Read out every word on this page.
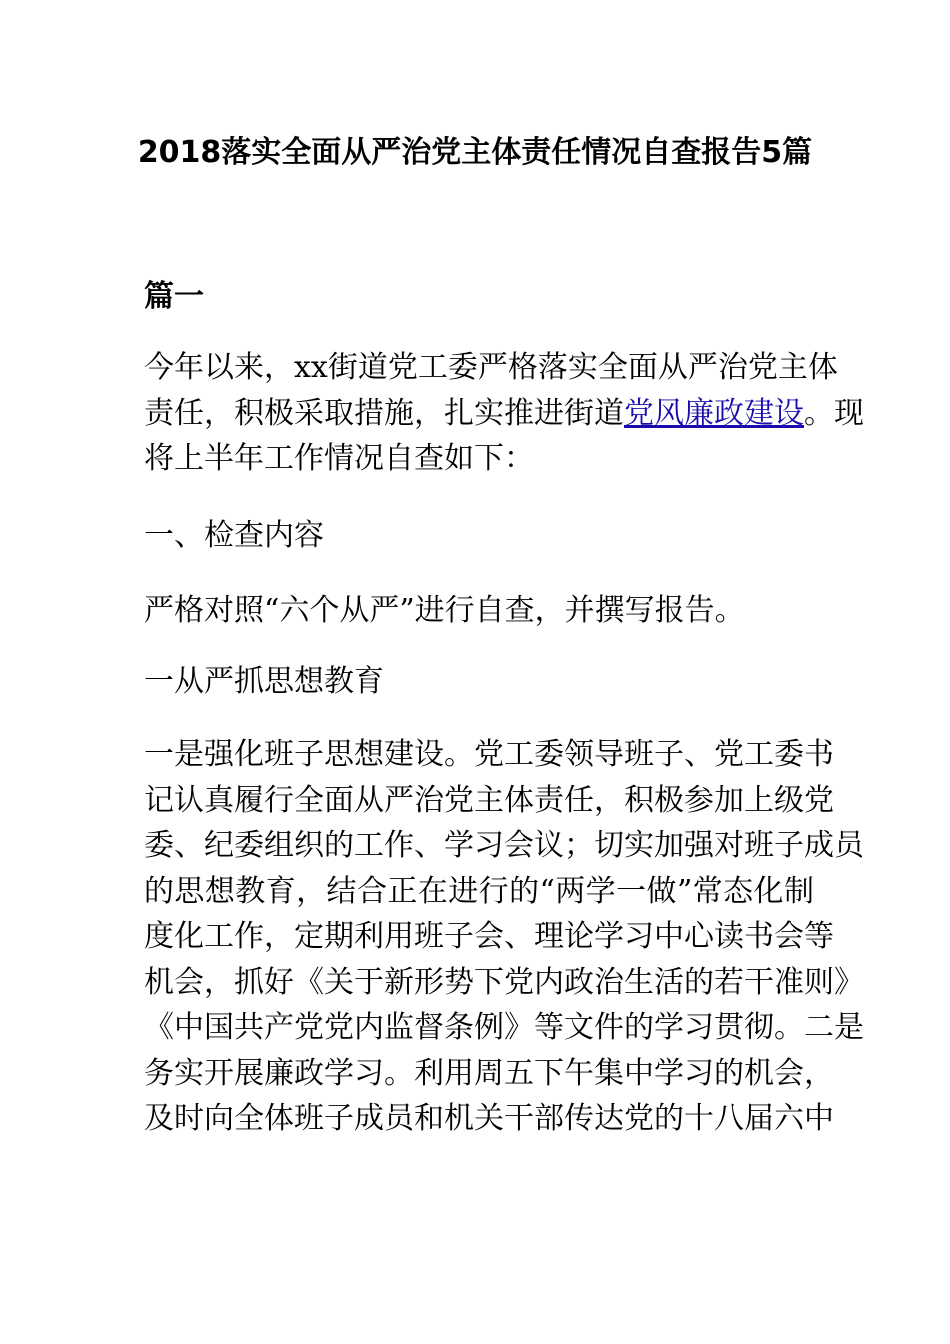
2018落实全面从严治党主体责任情况自查报告5篇
篇一
今年以来，xx街道党工委严格落实全面从严治党主体
责任，积极采取措施，扎实推进街道党风廉政建设。现
将上半年工作情况自查如下：

一、检查内容

严格对照“六个从严”进行自查，并撰写报告。

一从严抓思想教育

一是强化班子思想建设。党工委领导班子、党工委书
记认真履行全面从严治党主体责任，积极参加上级党
委、纪委组织的工作、学习会议；切实加强对班子成员
的思想教育，结合正在进行的“两学一做”常态化制
度化工作，定期利用班子会、理论学习中心读书会等
机会，抓好《关于新形势下党内政治生活的若干准则》
《中国共产党党内监督条例》等文件的学习贯彻。二是
务实开展廉政学习。利用周五下午集中学习的机会，
及时向全体班子成员和机关干部传达党的十八届六中
